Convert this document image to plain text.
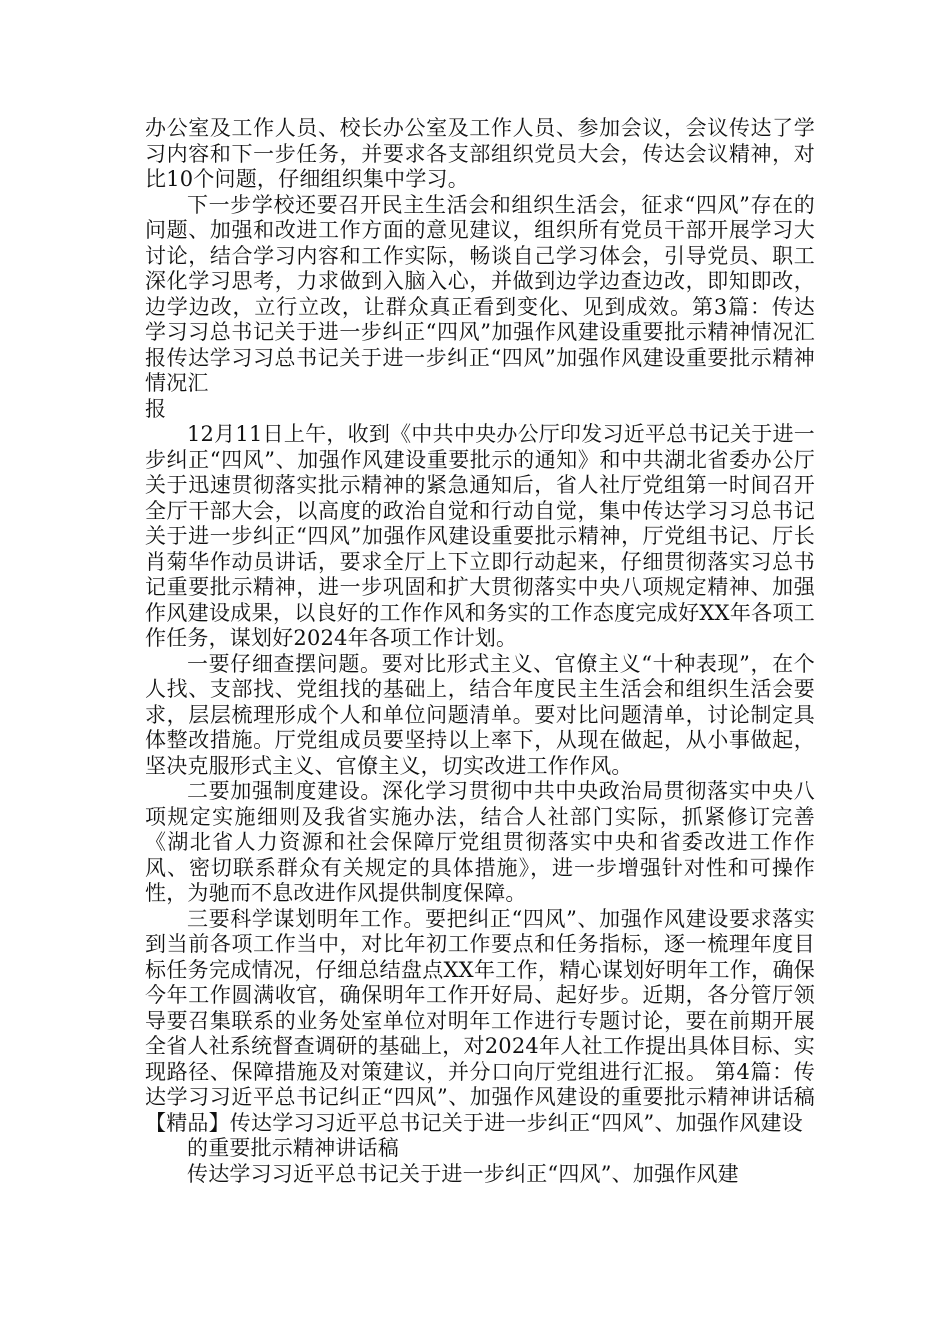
办公室及工作人员、校长办公室及工作人员、参加会议，会议传达了学习内容和下一步任务，并要求各支部组织党员大会，传达会议精神，对比10个问题，仔细组织集中学习。

下一步学校还要召开民主生活会和组织生活会，征求“四风”存在的问题、加强和改进工作方面的意见建议，组织所有党员干部开展学习大讨论，结合学习内容和工作实际，畅谈自己学习体会，引导党员、职工深化学习思考，力求做到入脑入心，并做到边学边查边改，即知即改，边学边改，立行立改，让群众真正看到变化、见到成效。第3篇：传达学习习总书记关于进一步纠正“四风”加强作风建设重要批示精神情况汇报传达学习习总书记关于进一步纠正“四风”加强作风建设重要批示精神情况汇

报

12月11日上午，收到《中共中央办公厅印发习近平总书记关于进一步纠正“四风”、加强作风建设重要批示的通知》和中共湖北省委办公厅关于迅速贯彻落实批示精神的紧急通知后，省人社厅党组第一时间召开全厅干部大会，以高度的政治自觉和行动自觉，集中传达学习习总书记关于进一步纠正“四风”加强作风建设重要批示精神，厅党组书记、厅长肖菊华作动员讲话，要求全厅上下立即行动起来，仔细贯彻落实习总书记重要批示精神，进一步巩固和扩大贯彻落实中央八项规定精神、加强作风建设成果，以良好的工作作风和务实的工作态度完成好XX年各项工作任务，谋划好2024年各项工作计划。

一要仔细查摆问题。要对比形式主义、官僚主义“十种表现”，在个人找、支部找、党组找的基础上，结合年度民主生活会和组织生活会要求，层层梳理形成个人和单位问题清单。要对比问题清单，讨论制定具体整改措施。厅党组成员要坚持以上率下，从现在做起，从小事做起，坚决克服形式主义、官僚主义，切实改进工作作风。

二要加强制度建设。深化学习贯彻中共中央政治局贯彻落实中央八项规定实施细则及我省实施办法，结合人社部门实际，抓紧修订完善《湖北省人力资源和社会保障厅党组贯彻落实中央和省委改进工作作风、密切联系群众有关规定的具体措施》，进一步增强针对性和可操作性，为驰而不息改进作风提供制度保障。

三要科学谋划明年工作。要把纠正“四风”、加强作风建设要求落实到当前各项工作当中，对比年初工作要点和任务指标，逐一梳理年度目标任务完成情况，仔细总结盘点XX年工作，精心谋划好明年工作，确保今年工作圆满收官，确保明年工作开好局、起好步。近期，各分管厅领导要召集联系的业务处室单位对明年工作进行专题讨论，要在前期开展全省人社系统督查调研的基础上，对2024年人社工作提出具体目标、实现路径、保障措施及对策建议，并分口向厅党组进行汇报。 第4篇：传达学习习近平总书记纠正“四风”、加强作风建设的重要批示精神讲话稿【精品】传达学习习近平总书记关于进一步纠正“四风”、加强作风建设

的重要批示精神讲话稿

传达学习习近平总书记关于进一步纠正“四风”、加强作风建
